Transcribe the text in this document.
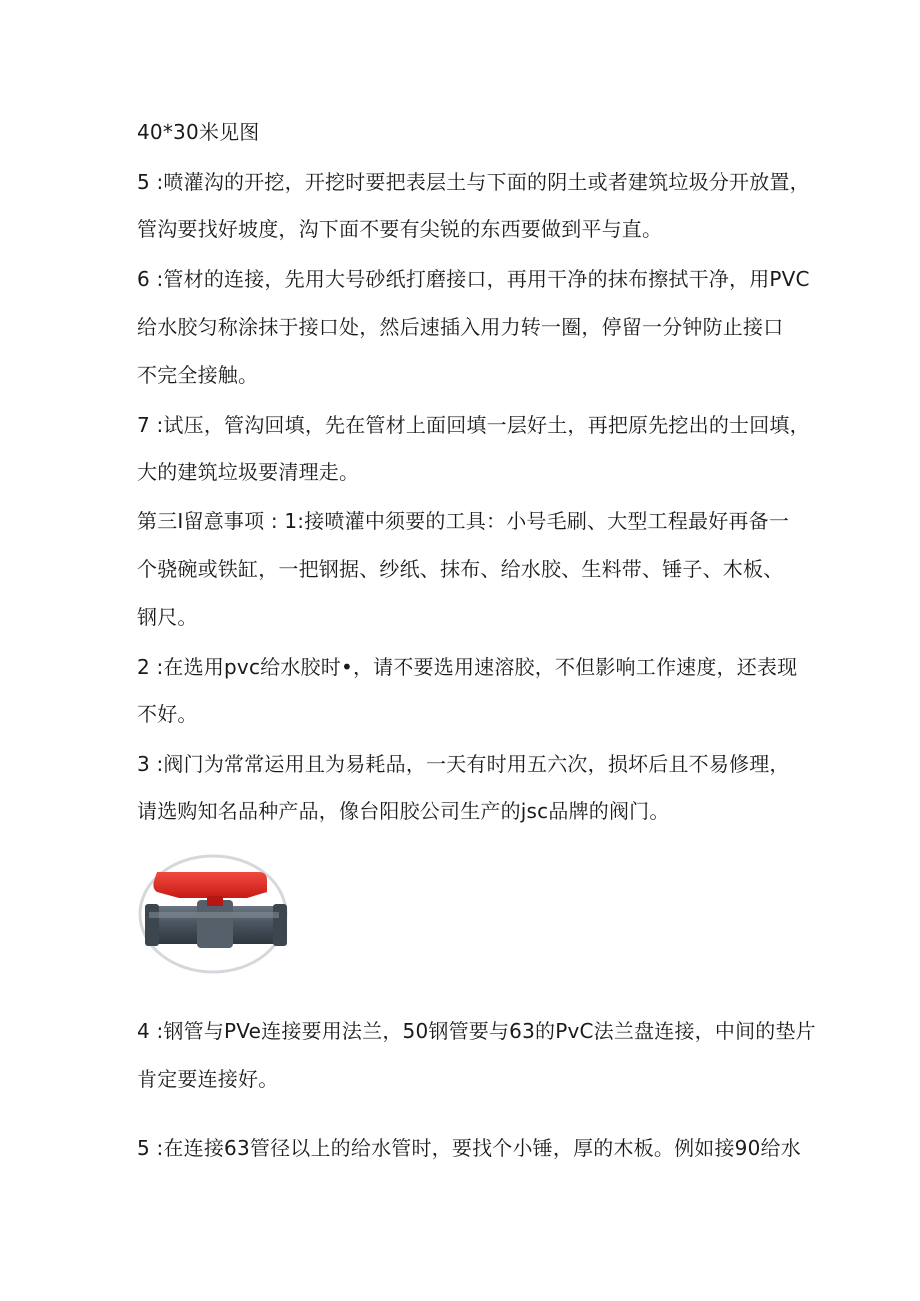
40*30米见图
5 :喷灌沟的开挖，开挖时要把表层土与下面的阴土或者建筑垃圾分开放置，
管沟要找好坡度，沟下面不要有尖锐的东西要做到平与直。
6 :管材的连接，先用大号砂纸打磨接口，再用干净的抹布擦拭干净，用PVC
给水胶匀称涂抹于接口处，然后速插入用力转一圈，停留一分钟防止接口
不完全接触。
7 :试压，管沟回填，先在管材上面回填一层好土，再把原先挖出的士回填，
大的建筑垃圾要清理走。
第三I留意事项 : 1:接喷灌中须要的工具：小号毛刷、大型工程最好再备一
个骁碗或铁缸，一把钢据、纱纸、抹布、给水胶、生料带、锤子、木板、
钢尺。
2 :在选用pvc给水胶时•，请不要选用速溶胶，不但影响工作速度，还表现
不好。
3 :阀门为常常运用且为易耗品，一天有时用五六次，损坏后且不易修理，
请选购知名品种产品，像台阳胶公司生产的jsc品牌的阀门。
4 :钢管与PVe连接要用法兰，50钢管要与63的PvC法兰盘连接，中间的垫片
肯定要连接好。
5 :在连接63管径以上的给水管时，要找个小锤，厚的木板。例如接90给水
